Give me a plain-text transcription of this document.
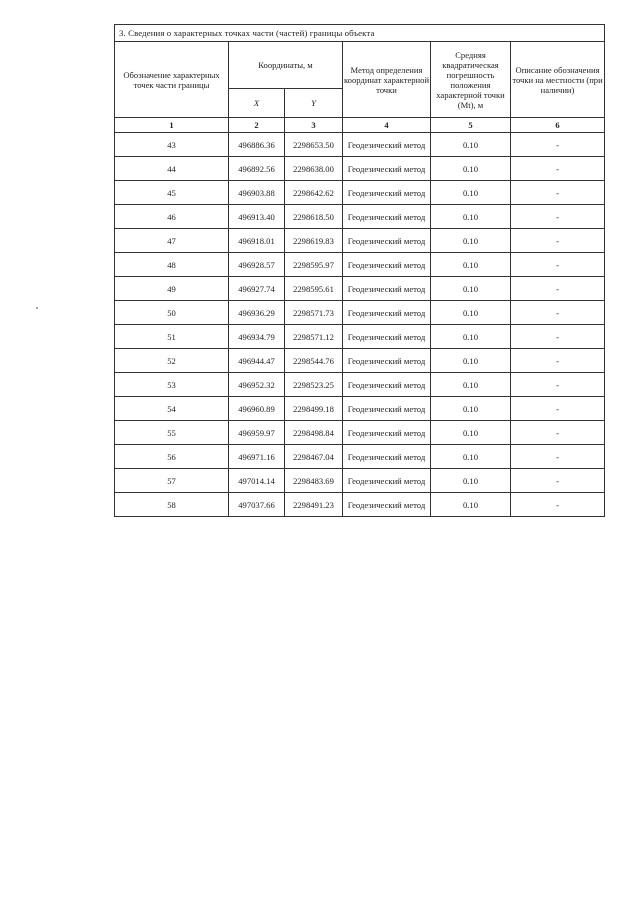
3. Сведения о характерных точках части (частей) границы объекта					
Обозначение характерных точек части границы	Координаты, м		Метод определения координат характерной точки	Средняя квадратическая погрешность положения характерной точки (Mt), м	Описание обозначения точки на местности (при наличии)
	X	Y			
1	2	3	4	5	6
43	496886.36	2298653.50	Геодезический метод	0.10	-
44	496892.56	2298638.00	Геодезический метод	0.10	-
45	496903.88	2298642.62	Геодезический метод	0.10	-
46	496913.40	2298618.50	Геодезический метод	0.10	-
47	496918.01	2298619.83	Геодезический метод	0.10	-
48	496928.57	2298595.97	Геодезический метод	0.10	-
49	496927.74	2298595.61	Геодезический метод	0.10	-
50	496936.29	2298571.73	Геодезический метод	0.10	-
51	496934.79	2298571.12	Геодезический метод	0.10	-
52	496944.47	2298544.76	Геодезический метод	0.10	-
53	496952.32	2298523.25	Геодезический метод	0.10	-
54	496960.89	2298499.18	Геодезический метод	0.10	-
55	496959.97	2298498.84	Геодезический метод	0.10	-
56	496971.16	2298467.04	Геодезический метод	0.10	-
57	497014.14	2298483.69	Геодезический метод	0.10	-
58	497037.66	2298491.23	Геодезический метод	0.10	-
